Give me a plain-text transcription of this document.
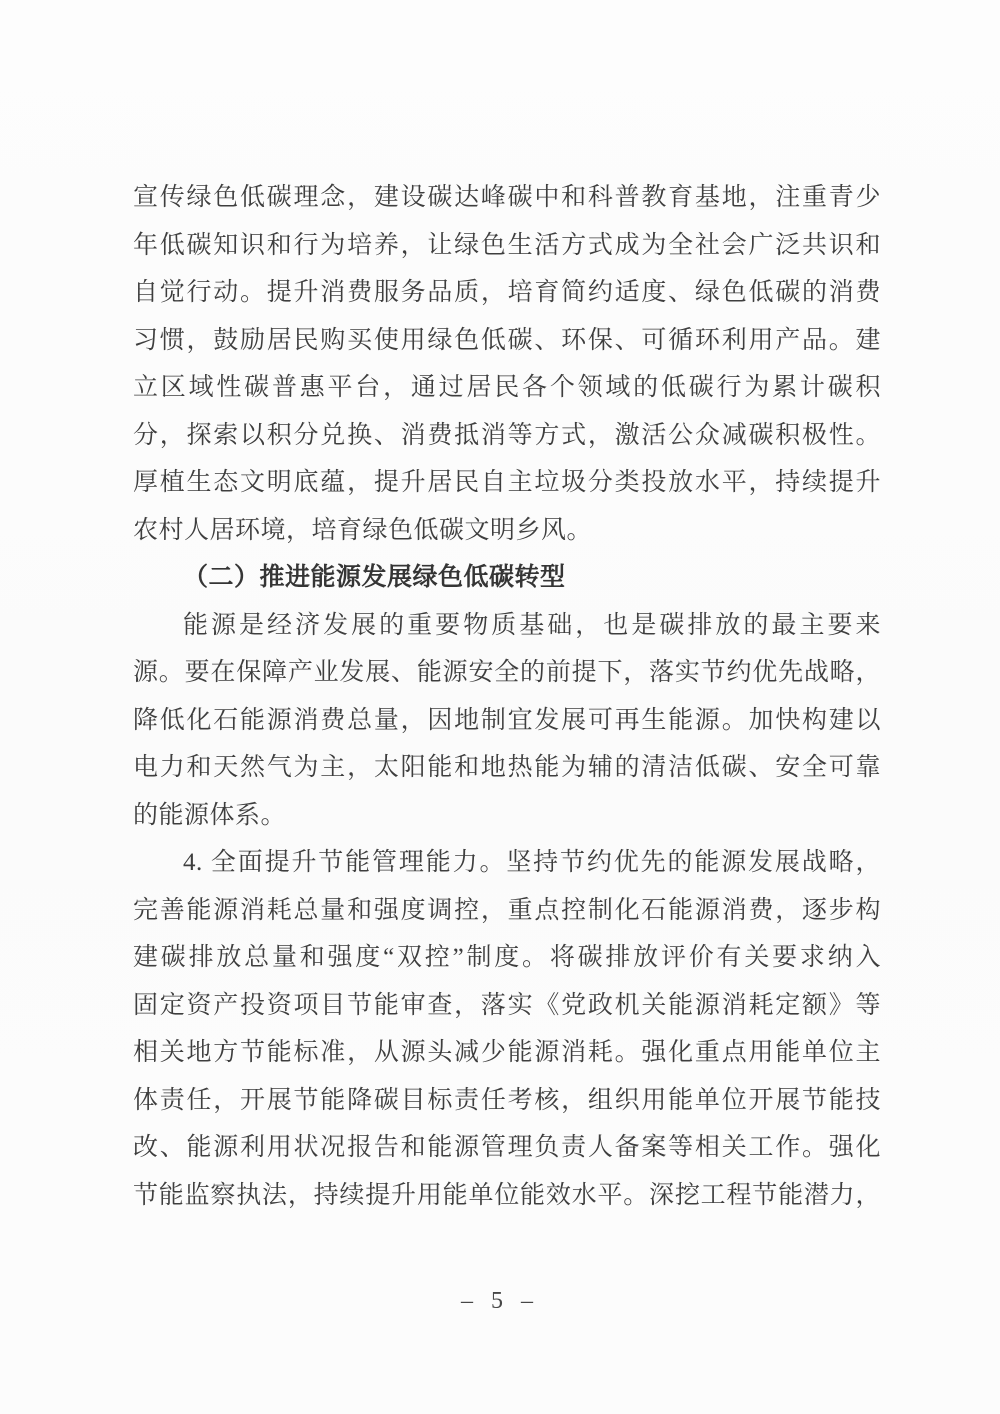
宣传绿色低碳理念，建设碳达峰碳中和科普教育基地，注重青少
年低碳知识和行为培养，让绿色生活方式成为全社会广泛共识和
自觉行动。提升消费服务品质，培育简约适度、绿色低碳的消费
习惯，鼓励居民购买使用绿色低碳、环保、可循环利用产品。建
立区域性碳普惠平台，通过居民各个领域的低碳行为累计碳积
分，探索以积分兑换、消费抵消等方式，激活公众减碳积极性。
厚植生态文明底蕴，提升居民自主垃圾分类投放水平，持续提升
农村人居环境，培育绿色低碳文明乡风。
（二）推进能源发展绿色低碳转型
能源是经济发展的重要物质基础，也是碳排放的最主要来
源。要在保障产业发展、能源安全的前提下，落实节约优先战略，
降低化石能源消费总量，因地制宜发展可再生能源。加快构建以
电力和天然气为主，太阳能和地热能为辅的清洁低碳、安全可靠
的能源体系。
4. 全面提升节能管理能力。坚持节约优先的能源发展战略，
完善能源消耗总量和强度调控，重点控制化石能源消费，逐步构
建碳排放总量和强度“双控”制度。将碳排放评价有关要求纳入
固定资产投资项目节能审查，落实《党政机关能源消耗定额》等
相关地方节能标准，从源头减少能源消耗。强化重点用能单位主
体责任，开展节能降碳目标责任考核，组织用能单位开展节能技
改、能源利用状况报告和能源管理负责人备案等相关工作。强化
节能监察执法，持续提升用能单位能效水平。深挖工程节能潜力，
– 5 –
